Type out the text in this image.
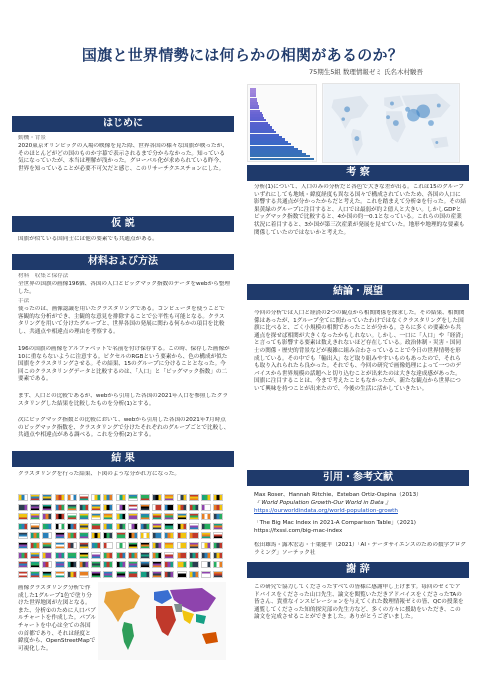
国旗と世界情勢には何らかの相関があるのか？
75期生5組 数理情報ゼミ 氏名木村駿吾
はじめに
動機・背景
2020東京オリンピックの入場の映像を見た際、世界各国の様々な国旗が映ったが、そのほとんどがどの国のものか字幕で表示されるまで分からなかった。知っている気になっていたが、本当は理解が浅かった。グローバル化が求められている昨今、世界を知っていることが必要不可欠だと感じ、このリサーチクエスチョンにした。
仮 説
国旗が似ている国同士には他の要素でも共通点がある。
材料および方法
材料　収集と保存法
全世界の国旗の画像196個、各国の人口とビッグマック指数のデータをwebから整理した。
手法
使ったのは、画像認識を用いたクラスタリングである。コンピュータを使うことで客観的な分析ができ、主観的な意見を排除することで公平性も可能となる。クラスタリングを用いて分けたグループと、世界各国の発展に関わる何らかの項目を比較し、共通点や相違点の理由を考察する。
196の国旗の画像をアルファベットで名前を付け保存する。この時、保存した画像が10に重ならないように注意する。ピクセルのRGBという要素から、色の構成が似た国旗をクラスタリングさせる。その結果、15のグループに分けることとなった。今回このクラスタリングデータと比較するのは、「人口」と「ビッグマック指数」の二要素である。
まず、人口との比較であるが、webから引用した各国の2021年人口を参照したクラスタリングした結果を比較したものを分析(1)とする。
次にビッグマック指数との比較において、webから引用した各国の2021年7月時点のビッグマック指数を、クラスタリングで分けたそれぞれのグループごとで比較し、共通点や相違点がある調べる。これを分析(2)とする。
結 果
クラスタリングを行った結果、下図のような分かれ方になった。
画像クラスタリング分析で作成した1グループ1色で塗り分けた世界地図が左図となる。また、分析①のために人口パブルチャートを作成した。パブルチャートを中心は全ての各国の首都であり、それは経度と緯度から、OpenStreetMapで可視化した。
考 察
分析(1)について、人口のみの分析だと各色で大きな差が出る。これは15のグループいずれにしても地域・緯度経度も異なる国々で構成されていたため、各国の人口に影響する共通点が分かったからだと考えた。これを踏まえて分析②を行った。その結果黄緑のグループに注目すると、人口では最弱が約２億人と大きい。しかしGDPとビッグマック指数で比較すると、4か国の約一0.1となっている。これらの国の産業状況に着目すると、3か国が第三次産業が発展を見せていた。地形や地理的な要素も関係していたのではないかと考えた。
結論・展望
今回の分析では人口と経済の2つの観点から相関関係を探求した。その結果、相関関係はあったが、1グループ全てに関わっていたわけではなくクラスタリングをした国旗に比べると、ごく小規模の相関であったことが分かる。さらに多くの要素から共通点を探せば相関が大きくなったかもしれない。しかし、一口に「人口」や「経済」と言っても影響する要素は数えきれないほど存在している。政治体制・災害・国同士の関係・歴史的背景などが複雑に組み合わさっていることで今日の世界情勢を形成している。その中でも「輸出入」など取り組みやすいものもあったので、それらも取り入れられたら良かった。それでも、今回の研究で画像処理によって一つのデバイスから世界規模の話題へと切り込むことが出来たのは大きな達成感があった。国旗に注目することは、今まで考えたこともなかったが、新たな観点から世界について興味を持つことが出来たので、今後の生活に活かしていきたい。
引用・参考文献
Max Roser、Hannah Ritchie、Esteban Ortiz-Ospina（2013）
『 World Population Growth-Our World in Data 』
https://ourworldindata.org/world-population-growth
「The Big Mac Index in 2021-A Comparison Table」（2021)
https://fxssi.com/big-mac-index
松田雄馬・露木宏志・千葉健平（2021）「AI・データサイエンスのための数学プログラミング」ソーテック社
謝 辞
この研究で協力してくださったすべての皆様に感謝申し上げます。毎回のゼミでアドバイスをくださった山口先生、論文を閲覧いただきアドバイスをくださったTAの皆さん、貴重なインスピレーションを与えてくれた数理情報ゼミの皆、QCの授業を通覧してくださった知的探究部の先生方など、多くの方々に援助をいただき、この論文を完成させることができました。ありがとうございました。
